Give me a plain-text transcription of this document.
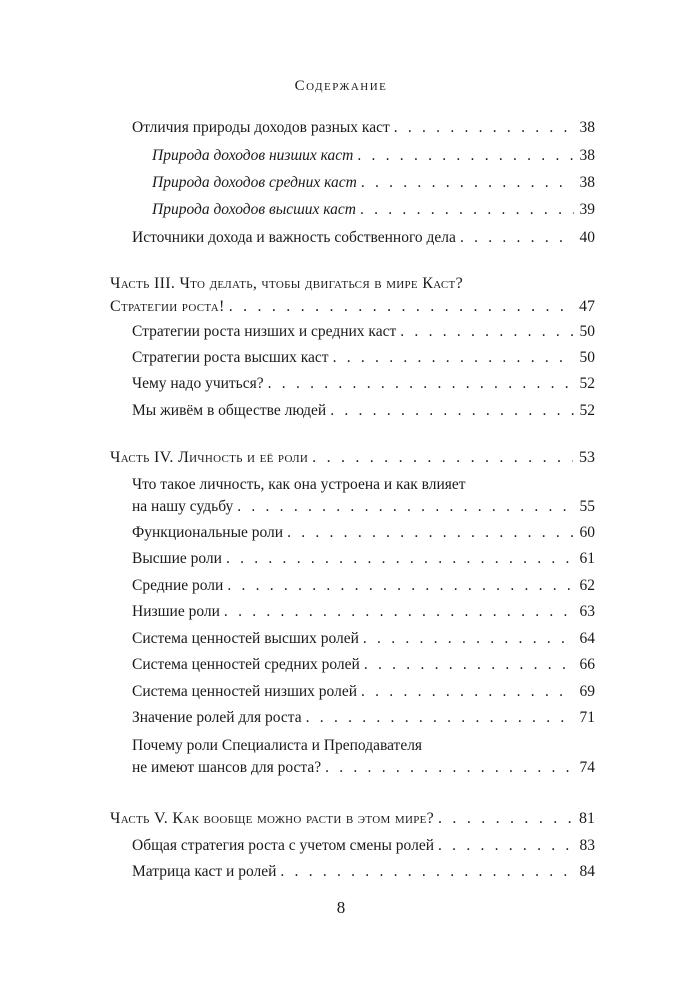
Содержание
Отличия природы доходов разных каст . . .	38
Природа доходов низших каст . . .	38
Природа доходов средних каст . . .	38
Природа доходов высших каст . . .	39
Источники дохода и важность собственного дела . . .	40
Часть III. Что делать, чтобы двигаться в мире Каст?
Стратегии роста! . . .	47
Стратегии роста низших и средних каст . . .	50
Стратегии роста высших каст . . .	50
Чему надо учиться? . . .	52
Мы живём в обществе людей . . .	52
Часть IV. Личность и её роли . . .	53
Что такое личность, как она устроена и как влияет
на нашу судьбу . . .	55
Функциональные роли . . .	60
Высшие роли . . .	61
Средние роли . . .	62
Низшие роли . . .	63
Система ценностей высших ролей . . .	64
Система ценностей средних ролей . . .	66
Система ценностей низших ролей . . .	69
Значение ролей для роста . . .	71
Почему роли Специалиста и Преподавателя
не имеют шансов для роста? . . .	74
Часть V. Как вообще можно расти в этом мире? . . .	81
Общая стратегия роста с учетом смены ролей . . .	83
Матрица каст и ролей . . .	84
8
